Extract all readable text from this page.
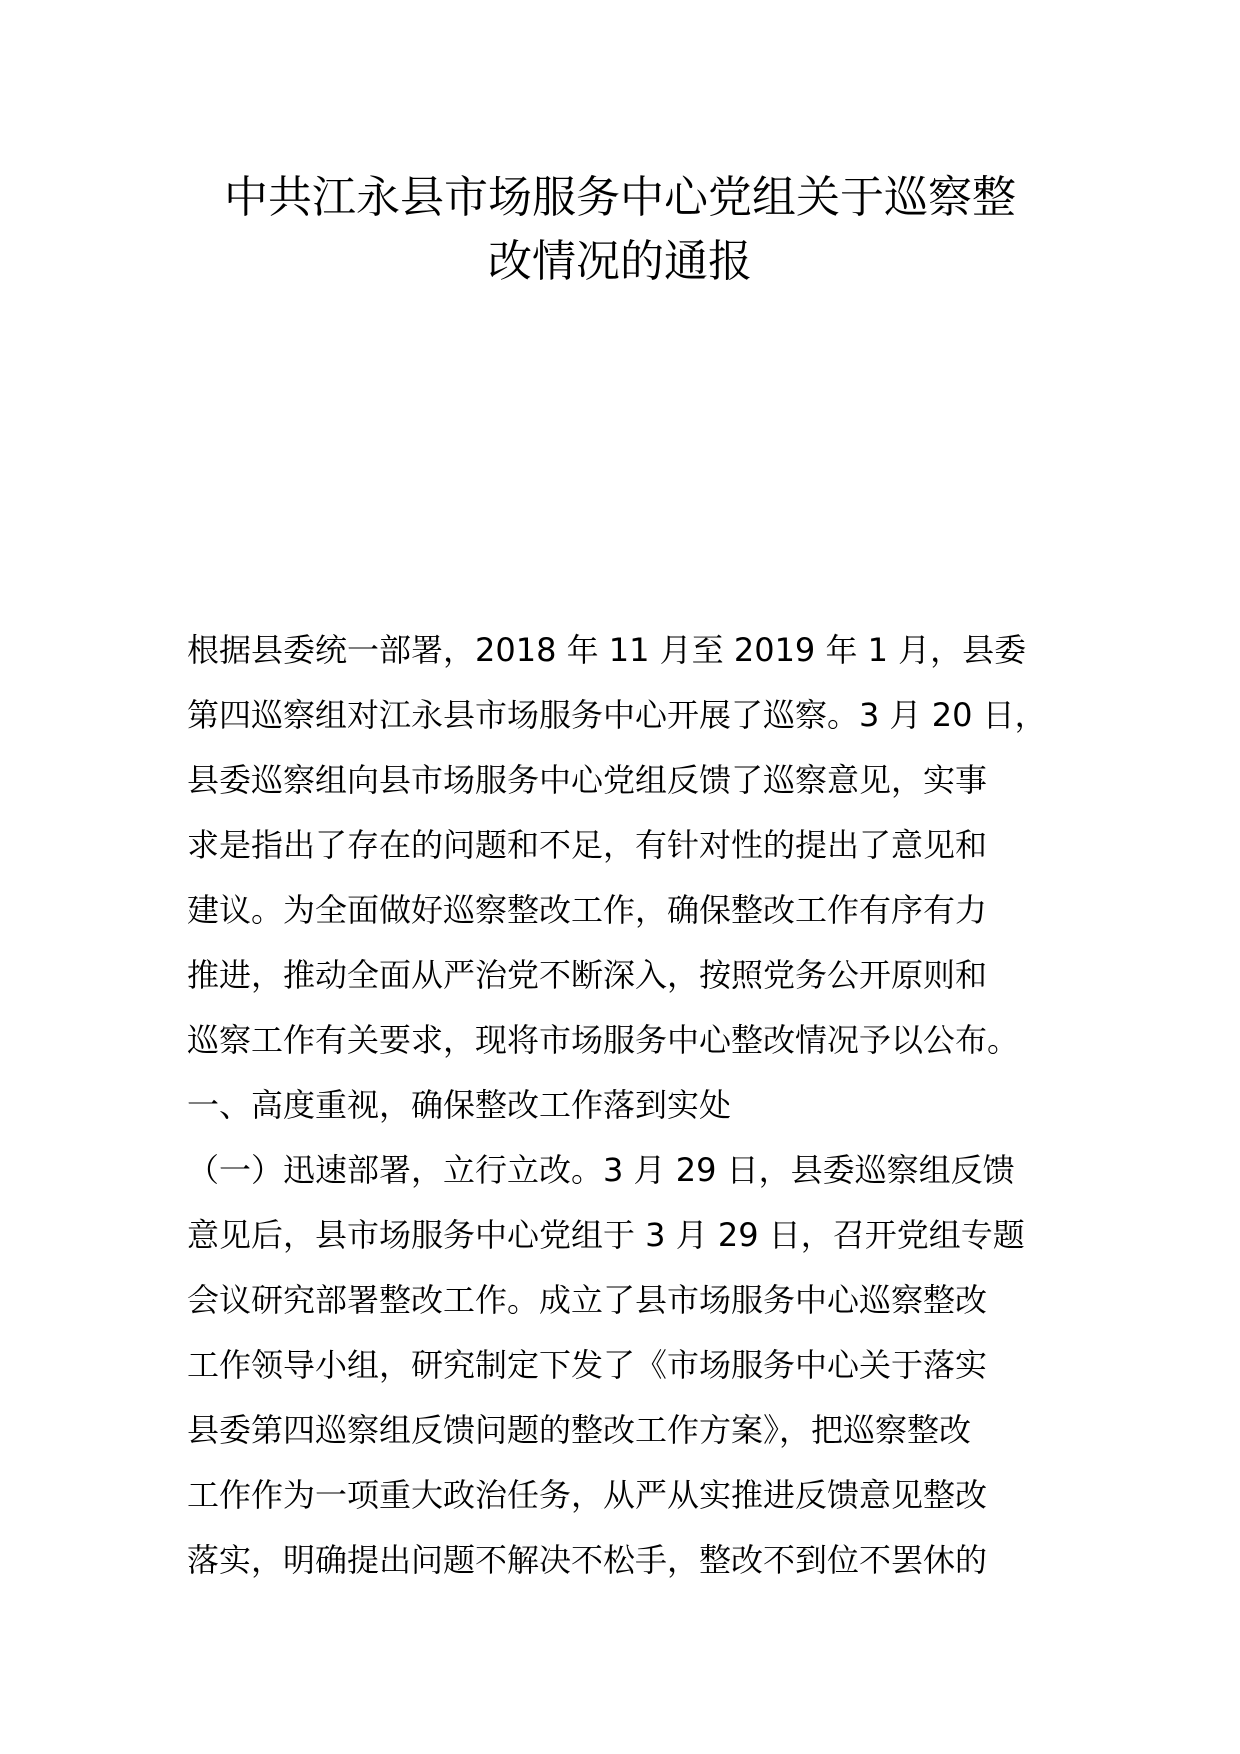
中共江永县市场服务中心党组关于巡察整
改情况的通报
根据县委统一部署，2018 年 11 月至 2019 年 1 月，县委
第四巡察组对江永县市场服务中心开展了巡察。3 月 20 日，
县委巡察组向县市场服务中心党组反馈了巡察意见，实事
求是指出了存在的问题和不足，有针对性的提出了意见和
建议。为全面做好巡察整改工作，确保整改工作有序有力
推进，推动全面从严治党不断深入，按照党务公开原则和
巡察工作有关要求，现将市场服务中心整改情况予以公布。
一、高度重视，确保整改工作落到实处
（一）迅速部署，立行立改。3 月 29 日，县委巡察组反馈
意见后，县市场服务中心党组于 3 月 29 日，召开党组专题
会议研究部署整改工作。成立了县市场服务中心巡察整改
工作领导小组，研究制定下发了《市场服务中心关于落实
县委第四巡察组反馈问题的整改工作方案》，把巡察整改
工作作为一项重大政治任务，从严从实推进反馈意见整改
落实，明确提出问题不解决不松手，整改不到位不罢休的
